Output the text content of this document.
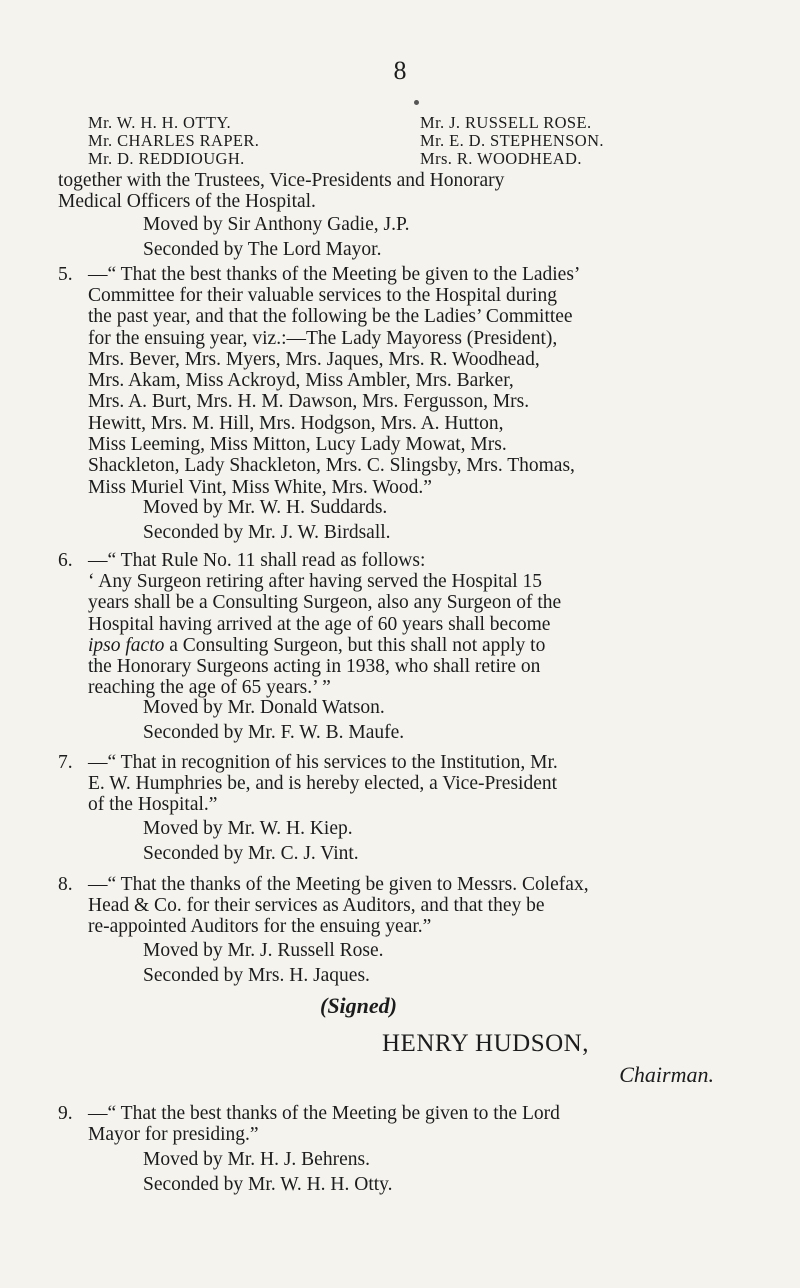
8
Mr. W. H. H. OTTY.
Mr. CHARLES RAPER.
Mr. D. REDDIOUGH.
Mr. J. RUSSELL ROSE.
Mr. E. D. STEPHENSON.
Mrs. R. WOODHEAD.
together with the Trustees, Vice-Presidents and Honorary
Medical Officers of the Hospital.
Moved by Sir Anthony Gadie, J.P.
Seconded by The Lord Mayor.
5. —“ That the best thanks of the Meeting be given to the Ladies’
Committee for their valuable services to the Hospital during
the past year, and that the following be the Ladies’ Committee
for the ensuing year, viz.:—The Lady Mayoress (President),
Mrs. Bever, Mrs. Myers, Mrs. Jaques, Mrs. R. Woodhead,
Mrs. Akam, Miss Ackroyd, Miss Ambler, Mrs. Barker,
Mrs. A. Burt, Mrs. H. M. Dawson, Mrs. Fergusson, Mrs.
Hewitt, Mrs. M. Hill, Mrs. Hodgson, Mrs. A. Hutton,
Miss Leeming, Miss Mitton, Lucy Lady Mowat, Mrs.
Shackleton, Lady Shackleton, Mrs. C. Slingsby, Mrs. Thomas,
Miss Muriel Vint, Miss White, Mrs. Wood.”
Moved by Mr. W. H. Suddards.
Seconded by Mr. J. W. Birdsall.
6. —“ That Rule No. 11 shall read as follows:
‘ Any Surgeon retiring after having served the Hospital 15
years shall be a Consulting Surgeon, also any Surgeon of the
Hospital having arrived at the age of 60 years shall become
ipso facto a Consulting Surgeon, but this shall not apply to
the Honorary Surgeons acting in 1938, who shall retire on
reaching the age of 65 years.’ ”
Moved by Mr. Donald Watson.
Seconded by Mr. F. W. B. Maufe.
7. —“ That in recognition of his services to the Institution, Mr.
E. W. Humphries be, and is hereby elected, a Vice-President
of the Hospital.”
Moved by Mr. W. H. Kiep.
Seconded by Mr. C. J. Vint.
8. —“ That the thanks of the Meeting be given to Messrs. Colefax,
Head & Co. for their services as Auditors, and that they be
re-appointed Auditors for the ensuing year.”
Moved by Mr. J. Russell Rose.
Seconded by Mrs. H. Jaques.
(Signed)
HENRY HUDSON,
Chairman.
9. —“ That the best thanks of the Meeting be given to the Lord
Mayor for presiding.”
Moved by Mr. H. J. Behrens.
Seconded by Mr. W. H. H. Otty.
